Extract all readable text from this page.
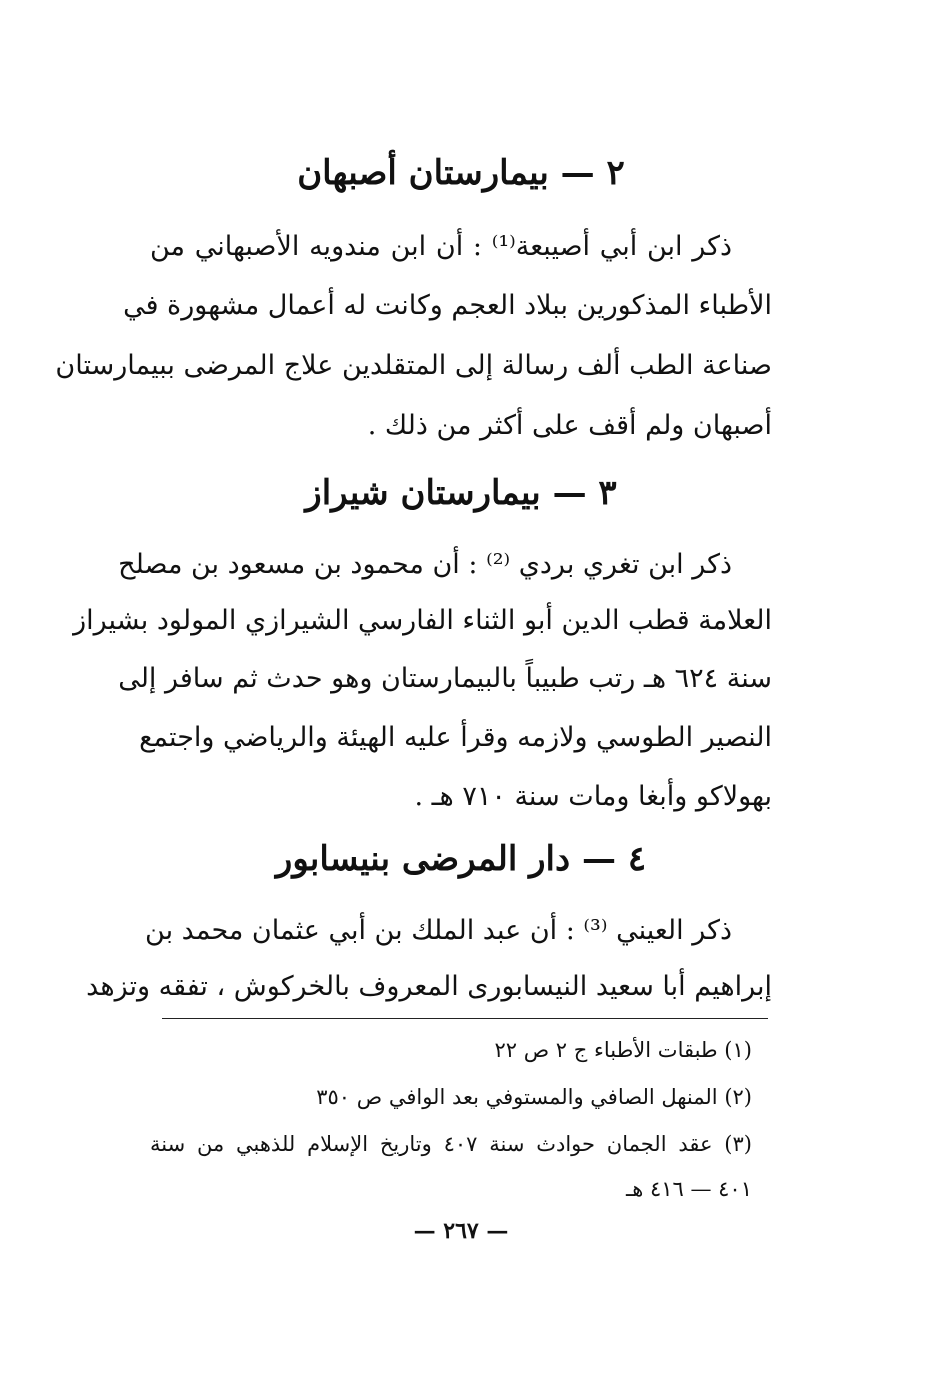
٢ — بيمارستان أصبهان
ذكر ابن أبي أصيبعة⁽¹⁾ : أن ابن مندويه الأصبهاني من
الأطباء المذكورين ببلاد العجم وكانت له أعمال مشهورة في
صناعة الطب ألف رسالة إلى المتقلدين علاج المرضى ببيمارستان
أصبهان ولم أقف على أكثر من ذلك .
٣ — بيمارستان شيراز
ذكر ابن تغري بردي ⁽²⁾ : أن محمود بن مسعود بن مصلح
العلامة قطب الدين أبو الثناء الفارسي الشيرازي المولود بشيراز
سنة ٦٢٤ هـ رتب طبيباً بالبيمارستان وهو حدث ثم سافر إلى
النصير الطوسي ولازمه وقرأ عليه الهيئة والرياضي واجتمع
بهولاكو وأبغا ومات سنة ٧١٠ هـ .
٤ — دار المرضى بنيسابور
ذكر العيني ⁽³⁾ : أن عبد الملك بن أبي عثمان محمد بن
إبراهيم أبا سعيد النيسابورى المعروف بالخركوش ، تفقه وتزهد
(١) طبقات الأطباء ج ٢ ص ٢٢
(٢) المنهل الصافي والمستوفي بعد الوافي ص ٣٥٠
(٣) عقد الجمان حوادث سنة ٤٠٧ وتاريخ الإسلام للذهبي من سنة
٤٠١ — ٤١٦ هـ
— ٢٦٧ —
